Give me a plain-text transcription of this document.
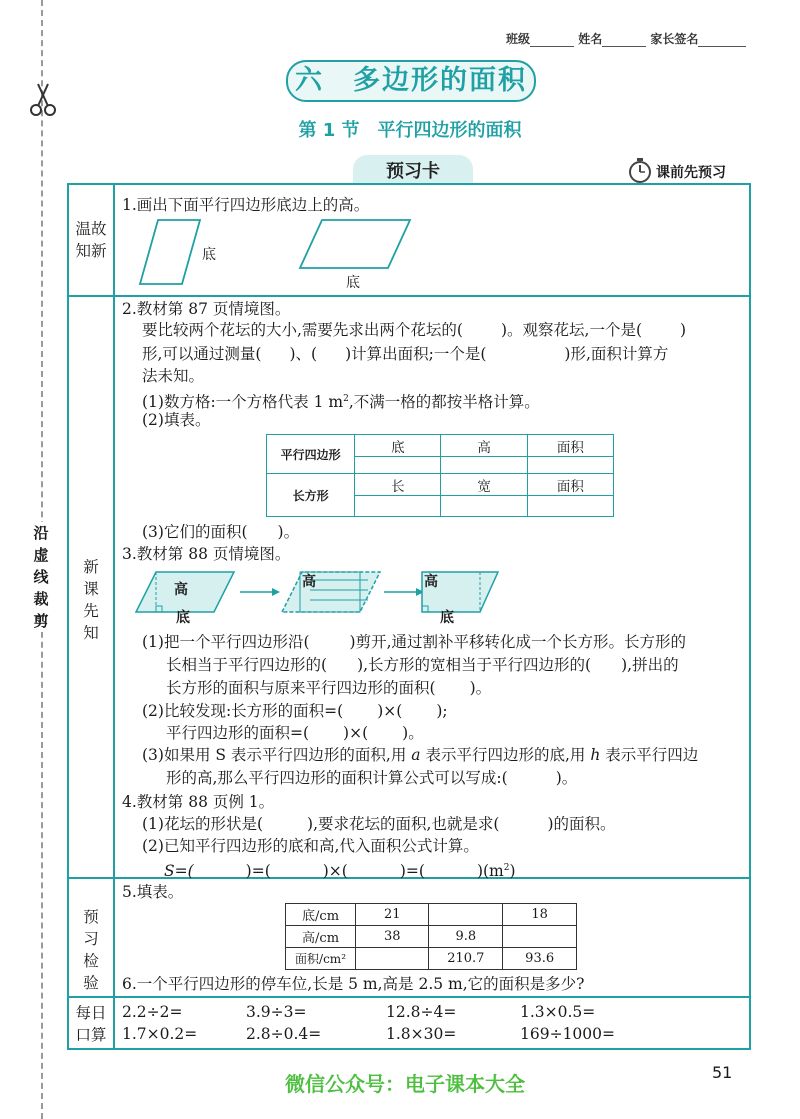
沿虚线裁剪
班级	姓名	家长签名
六　多边形的面积
第 1 节　平行四边形的面积
预习卡	课前先预习
温故
知新
新
课
先
知
预
习
检
验
每日
口算
1.画出下面平行四边形底边上的高。
底
底
2.教材第 87 页情境图。
要比较两个花坛的大小,需要先求出两个花坛的( )。观察花坛,一个是( )
形,可以通过测量( )、( )计算出面积;一个是(	)形,面积计算方
法未知。
(1)数方格:一个方格代表 1 $m^2$,不满一格的都按半格计算。
(2)填表。
平行四边形	底	高	面积

长方形	长	宽	面积

(3)它们的面积( )。
3.教材第 88 页情境图。
高
底
高	高
底
(1)把一个平行四边形沿(	)剪开,通过割补平移转化成一个长方形。长方形的
长相当于平行四边形的( ),长方形的宽相当于平行四边形的( ),拼出的
长方形的面积与原来平行四边形的面积( )。
(2)比较发现:长方形的面积=( )×( );
平行四边形的面积=( )×( )。
(3)如果用 S 表示平行四边形的面积,用 a 表示平行四边形的底,用 h 表示平行四边
形的高,那么平行四边形的面积计算公式可以写成:(	)。
4.教材第 88 页例 1。
(1)花坛的形状是(	),要求花坛的面积,也就是求(	)的面积。
(2)已知平行四边形的底和高,代入面积公式计算。
S=(	)=(	)×(	)=(	)$(m^2)$
5.填表。
底/cm	21		18
高/cm	38	9.8	
面积/cm²		210.7	93.6
6.一个平行四边形的停车位,长是 5 m,高是 2.5 m,它的面积是多少?
2.2÷2=	3.9÷3=	12.8÷4=	1.3×0.5=
1.7×0.2=	2.8÷0.4=	1.8×30=	169÷1000=
51
微信公众号：电子课本大全
